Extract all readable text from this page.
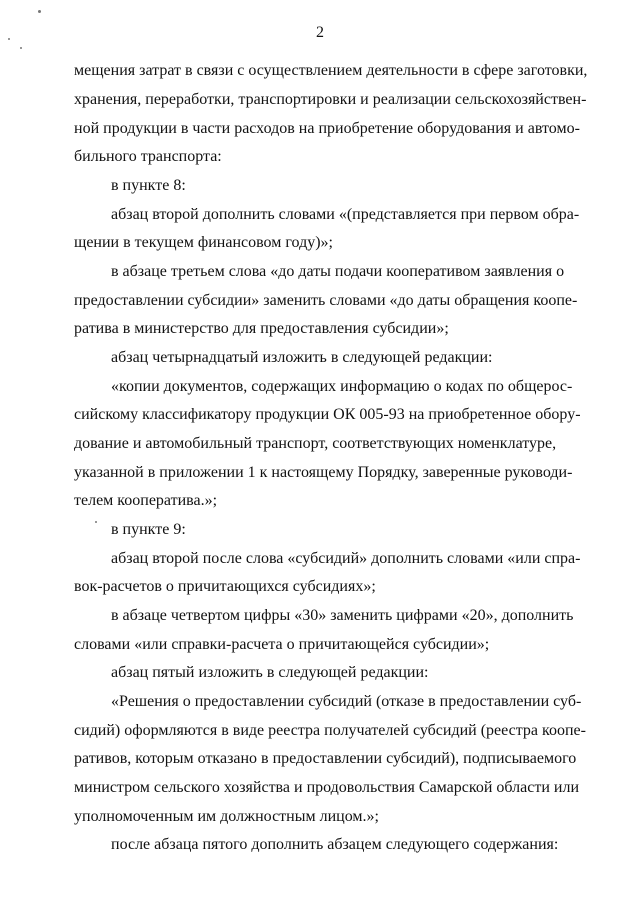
2
мещения затрат в связи с осуществлением деятельности в сфере заготовки,
хранения, переработки, транспортировки и реализации сельскохозяйствен-
ной продукции в части расходов на приобретение оборудования и автомо-
бильного транспорта:
в пункте 8:
абзац второй дополнить словами «(представляется при первом обра-
щении в текущем финансовом году)»;
в абзаце третьем слова «до даты подачи кооперативом заявления о
предоставлении субсидии» заменить словами «до даты обращения коопе-
ратива в министерство для предоставления субсидии»;
абзац четырнадцатый изложить в следующей редакции:
«копии документов, содержащих информацию о кодах по общерос-
сийскому классификатору продукции ОК 005-93 на приобретенное обору-
дование и автомобильный транспорт, соответствующих номенклатуре,
указанной в приложении 1 к настоящему Порядку, заверенные руководи-
телем кооператива.»;
в пункте 9:
абзац второй после слова «субсидий» дополнить словами «или спра-
вок-расчетов о причитающихся субсидиях»;
в абзаце четвертом цифры «30» заменить цифрами «20», дополнить
словами «или справки-расчета о причитающейся субсидии»;
абзац пятый изложить в следующей редакции:
«Решения о предоставлении субсидий (отказе в предоставлении суб-
сидий) оформляются в виде реестра получателей субсидий (реестра коопе-
ративов, которым отказано в предоставлении субсидий), подписываемого
министром сельского хозяйства и продовольствия Самарской области или
уполномоченным им должностным лицом.»;
после абзаца пятого дополнить абзацем следующего содержания:
